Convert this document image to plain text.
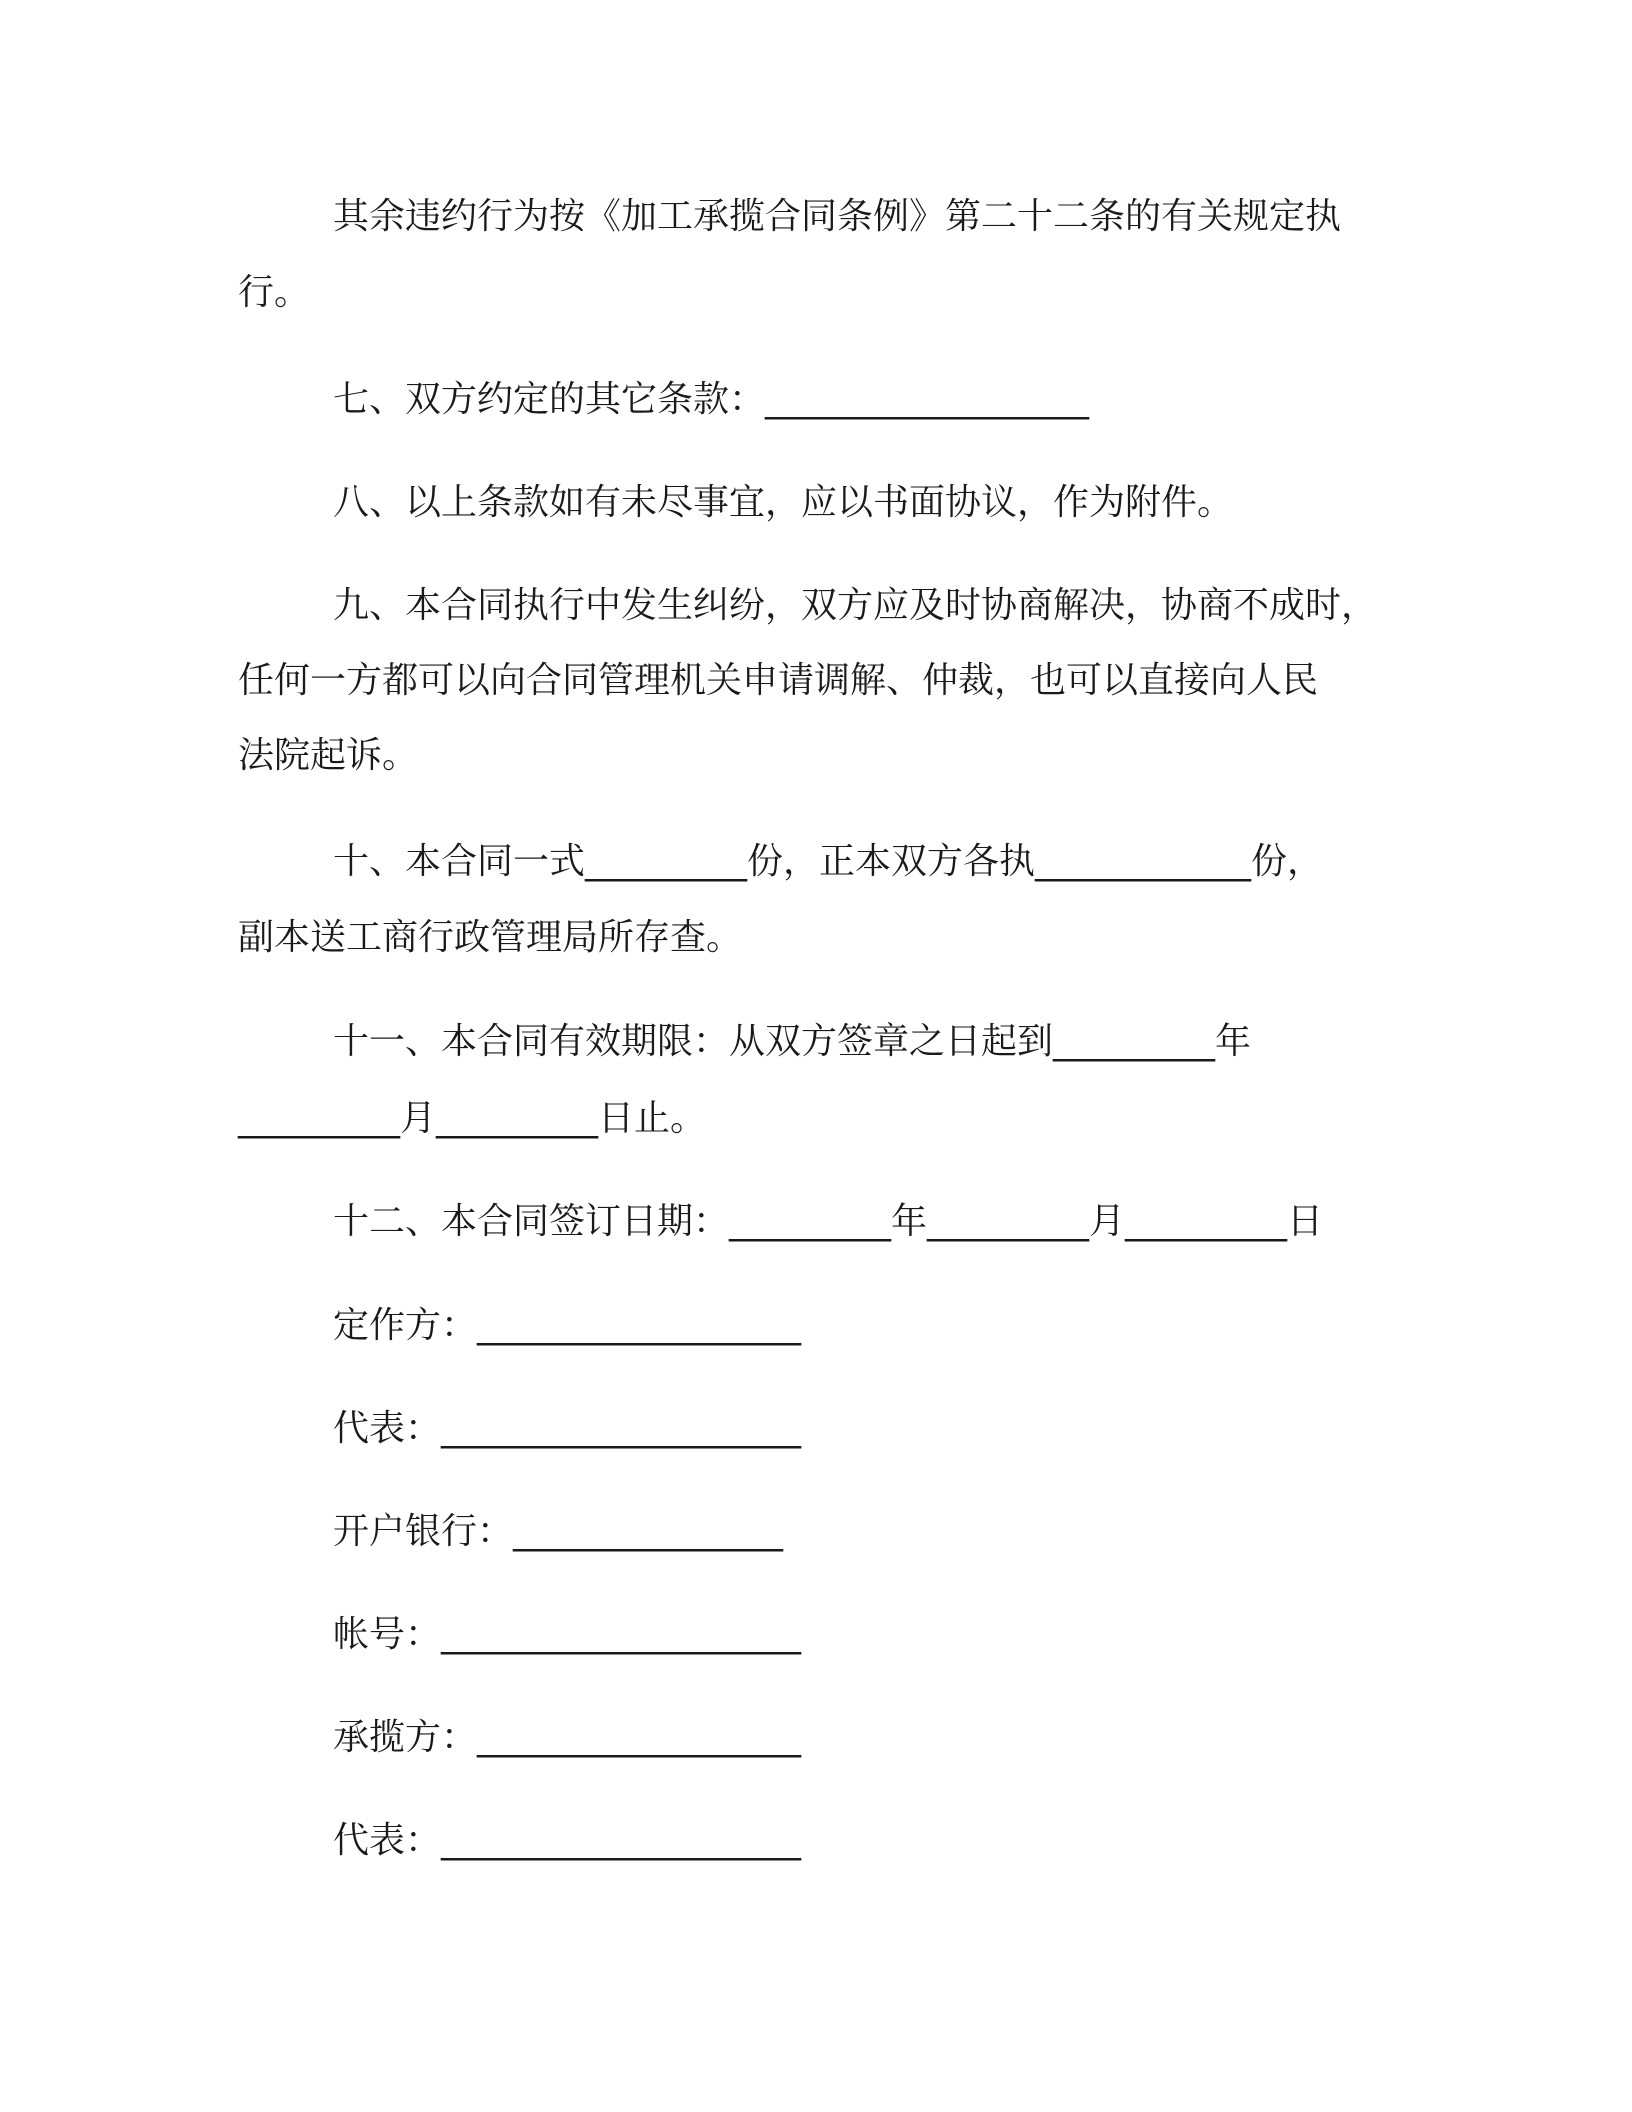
其余违约行为按《加工承揽合同条例》第二十二条的有关规定执
行。
七、双方约定的其它条款：__________________
八、以上条款如有未尽事宜，应以书面协议，作为附件。
九、本合同执行中发生纠纷，双方应及时协商解决，协商不成时，
任何一方都可以向合同管理机关申请调解、仲裁，也可以直接向人民
法院起诉。
十、本合同一式_________份，正本双方各执____________份，
副本送工商行政管理局所存查。
十一、本合同有效期限：从双方签章之日起到_________年
_________月_________日止。
十二、本合同签订日期：_________年_________月_________日
定作方：__________________
代表：____________________
开户银行：_______________
帐号：____________________
承揽方：__________________
代表：____________________
